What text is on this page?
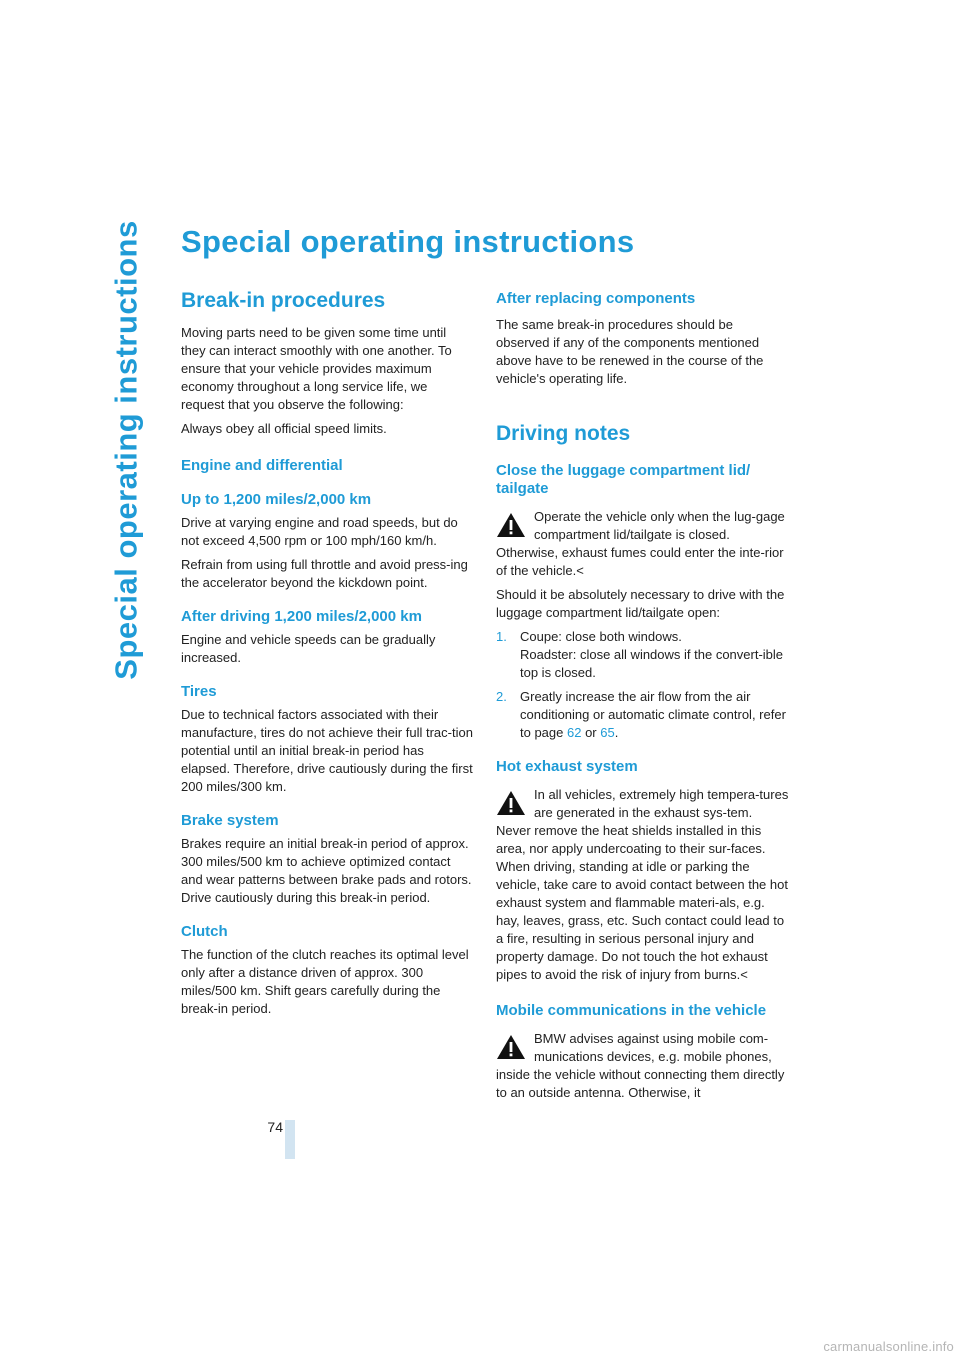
Special operating instructions
74
Special operating instructions
Break-in procedures

Moving parts need to be given some time until they can interact smoothly with one another. To ensure that your vehicle provides maximum economy throughout a long service life, we request that you observe the following:

Always obey all official speed limits.

Engine and differential
Up to 1,200 miles/2,000 km

Drive at varying engine and road speeds, but do not exceed 4,500 rpm or 100 mph/160 km/h.

Refrain from using full throttle and avoid press-ing the accelerator beyond the kickdown point.

After driving 1,200 miles/2,000 km

Engine and vehicle speeds can be gradually increased.

Tires

Due to technical factors associated with their manufacture, tires do not achieve their full trac-tion potential until an initial break-in period has elapsed. Therefore, drive cautiously during the first 200 miles/300 km.

Brake system

Brakes require an initial break-in period of approx. 300 miles/500 km to achieve optimized contact and wear patterns between brake pads and rotors. Drive cautiously during this break-in period.

Clutch

The function of the clutch reaches its optimal level only after a distance driven of approx. 300 miles/500 km. Shift gears carefully during the break-in period.

After replacing components

The same break-in procedures should be observed if any of the components mentioned above have to be renewed in the course of the vehicle's operating life.

Driving notes
Close the luggage compartment lid/ tailgate

Operate the vehicle only when the lug-gage compartment lid/tailgate is closed. Otherwise, exhaust fumes could enter the inte-rior of the vehicle.<

Should it be absolutely necessary to drive with the luggage compartment lid/tailgate open:

1.	Coupe: close both windows.
Roadster: close all windows if the convert-ible top is closed.
2.	Greatly increase the air flow from the air conditioning or automatic climate control, refer to page 62 or 65.
Hot exhaust system

In all vehicles, extremely high tempera-tures are generated in the exhaust sys-tem. Never remove the heat shields installed in this area, nor apply undercoating to their sur-faces. When driving, standing at idle or parking the vehicle, take care to avoid contact between the hot exhaust system and flammable materi-als, e.g. hay, leaves, grass, etc. Such contact could lead to a fire, resulting in serious personal injury and property damage. Do not touch the hot exhaust pipes to avoid the risk of injury from burns.<

Mobile communications in the vehicle

BMW advises against using mobile com-munications devices, e.g. mobile phones, inside the vehicle without connecting them directly to an outside antenna. Otherwise, it

carmanualsonline.info
